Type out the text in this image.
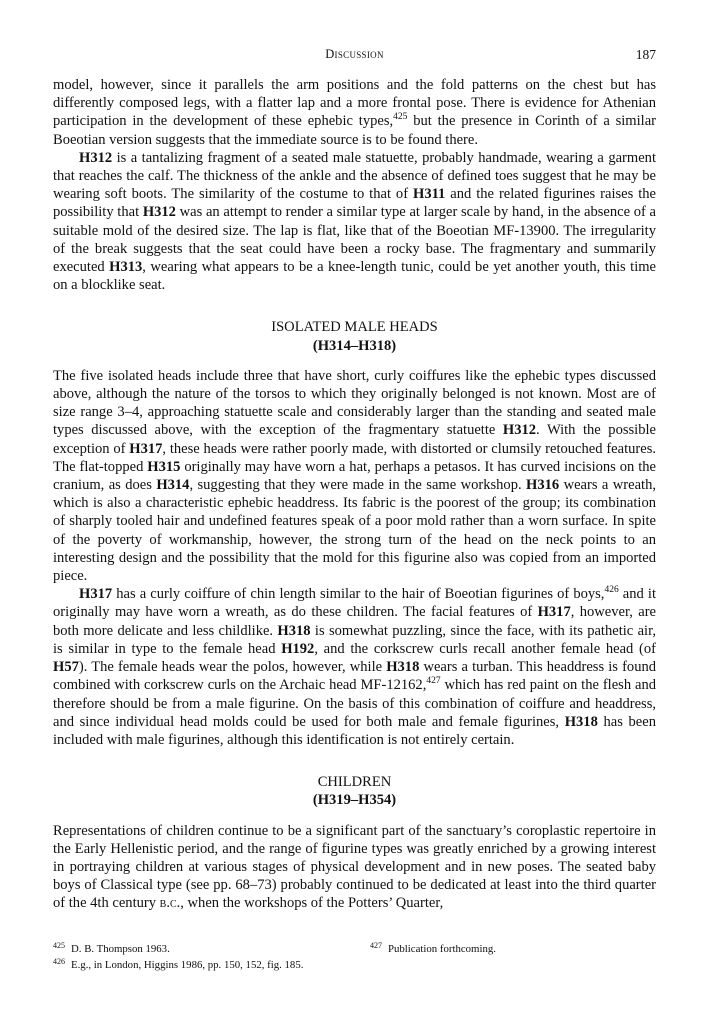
Discussion	187

model, however, since it parallels the arm positions and the fold patterns on the chest but has differently composed legs, with a flatter lap and a more frontal pose. There is evidence for Athenian participation in the development of these ephebic types,$^{425}$ but the presence in Corinth of a similar Boeotian version suggests that the immediate source is to be found there.

H312 is a tantalizing fragment of a seated male statuette, probably handmade, wearing a garment that reaches the calf. The thickness of the ankle and the absence of defined toes suggest that he may be wearing soft boots. The similarity of the costume to that of H311 and the related figurines raises the possibility that H312 was an attempt to render a similar type at larger scale by hand, in the absence of a suitable mold of the desired size. The lap is flat, like that of the Boeotian MF-13900. The irregularity of the break suggests that the seat could have been a rocky base. The fragmentary and summarily executed H313, wearing what appears to be a knee-length tunic, could be yet another youth, this time on a blocklike seat.

ISOLATED MALE HEADS
(H314–H318)

The five isolated heads include three that have short, curly coiffures like the ephebic types discussed above, although the nature of the torsos to which they originally belonged is not known. Most are of size range 3–4, approaching statuette scale and considerably larger than the standing and seated male types discussed above, with the exception of the fragmentary statuette H312. With the possible exception of H317, these heads were rather poorly made, with distorted or clumsily retouched features. The flat-topped H315 originally may have worn a hat, perhaps a petasos. It has curved incisions on the cranium, as does H314, suggesting that they were made in the same workshop. H316 wears a wreath, which is also a characteristic ephebic headdress. Its fabric is the poorest of the group; its combination of sharply tooled hair and undefined features speak of a poor mold rather than a worn surface. In spite of the poverty of workmanship, however, the strong turn of the head on the neck points to an interesting design and the possibility that the mold for this figurine also was copied from an imported piece.

H317 has a curly coiffure of chin length similar to the hair of Boeotian figurines of boys,$^{426}$ and it originally may have worn a wreath, as do these children. The facial features of H317, however, are both more delicate and less childlike. H318 is somewhat puzzling, since the face, with its pathetic air, is similar in type to the female head H192, and the corkscrew curls recall another female head (of H57). The female heads wear the polos, however, while H318 wears a turban. This headdress is found combined with corkscrew curls on the Archaic head MF-12162,$^{427}$ which has red paint on the flesh and therefore should be from a male figurine. On the basis of this combination of coiffure and headdress, and since individual head molds could be used for both male and female figurines, H318 has been included with male figurines, although this identification is not entirely certain.

CHILDREN
(H319–H354)

Representations of children continue to be a significant part of the sanctuary’s coroplastic repertoire in the Early Hellenistic period, and the range of figurine types was greatly enriched by a growing interest in portraying children at various stages of physical development and in new poses. The seated baby boys of Classical type (see pp. 68–73) probably continued to be dedicated at least into the third quarter of the 4th century b.c., when the workshops of the Potters’ Quarter,

$^{425}$ D. B. Thompson 1963.	$^{427}$ Publication forthcoming.
$^{426}$ E.g., in London, Higgins 1986, pp. 150, 152, fig. 185.
